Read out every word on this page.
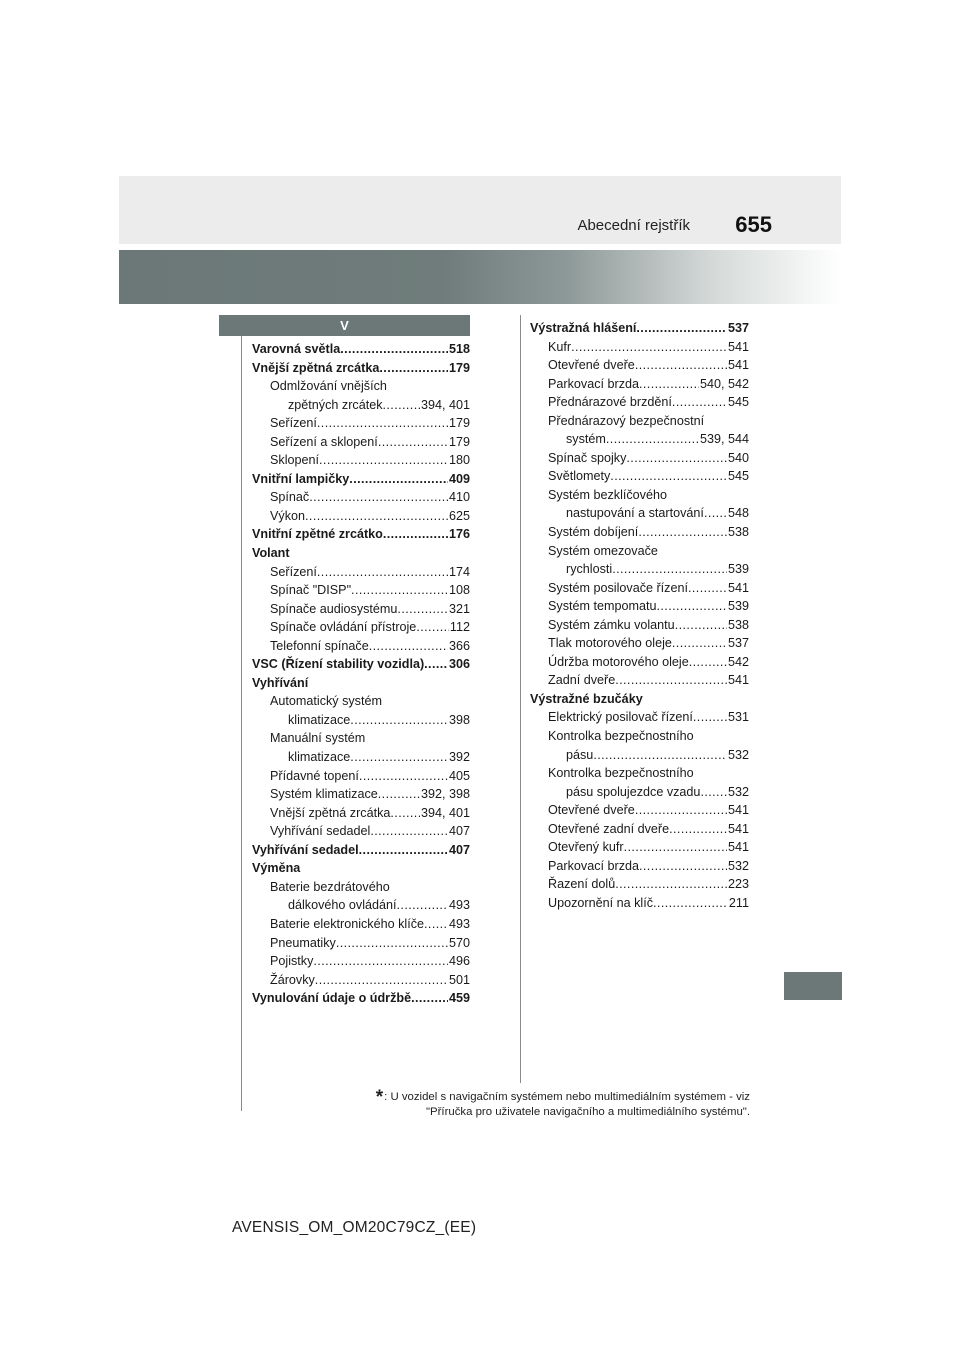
Abecední rejstřík 655
V
Varovná světla .....	518
Vnější zpětná zrcátka .....	179
Odmlžování vnějších
zpětných zrcátek .....	394, 401
Seřízení .....	179
Seřízení a sklopení .....	179
Sklopení .....	180
Vnitřní lampičky .....	409
Spínač .....	410
Výkon .....	625
Vnitřní zpětné zrcátko .....	176
Volant
Seřízení .....	174
Spínač "DISP" .....	108
Spínače audiosystému .....	321
Spínače ovládání přístroje .....	112
Telefonní spínače .....	366
VSC (Řízení stability vozidla) ..... 306
Vyhřívání
Automatický systém
klimatizace .....	398
Manuální systém
klimatizace .....	392
Přídavné topení .....	405
Systém klimatizace .....	392, 398
Vnější zpětná zrcátka ..... 394, 401
Vyhřívání sedadel .....	407
Vyhřívání sedadel .....	407
Výměna
Baterie bezdrátového
dálkového ovládání .....	493
Baterie elektronického klíče ..... 493
Pneumatiky .....	570
Pojistky .....	496
Žárovky .....	501
Vynulování údaje o údržbě .....	459
Výstražná hlášení .....	537
Kufr .....	541
Otevřené dveře .....	541
Parkovací brzda .....	540, 542
Přednárazové brzdění .....	545
Přednárazový bezpečnostní
systém .....	539, 544
Spínač spojky .....	540
Světlomety .....	545
Systém bezklíčového
nastupování a startování ..... 548
Systém dobíjení .....	538
Systém omezovače
rychlosti .....	539
Systém posilovače řízení .....	541
Systém tempomatu .....	539
Systém zámku volantu .....	538
Tlak motorového oleje .....	537
Údržba motorového oleje .....	542
Zadní dveře .....	541
Výstražné bzučáky
Elektrický posilovač řízení .....	531
Kontrolka bezpečnostního
pásu .....	532
Kontrolka bezpečnostního
pásu spolujezdce vzadu ..... 532
Otevřené dveře .....	541
Otevřené zadní dveře .....	541
Otevřený kufr .....	541
Parkovací brzda .....	532
Řazení dolů .....	223
Upozornění na klíč .....	211
*: U vozidel s navigačním systémem nebo multimediálním systémem - viz
"Příručka pro uživatele navigačního a multimediálního systému".
AVENSIS_OM_OM20C79CZ_(EE)
